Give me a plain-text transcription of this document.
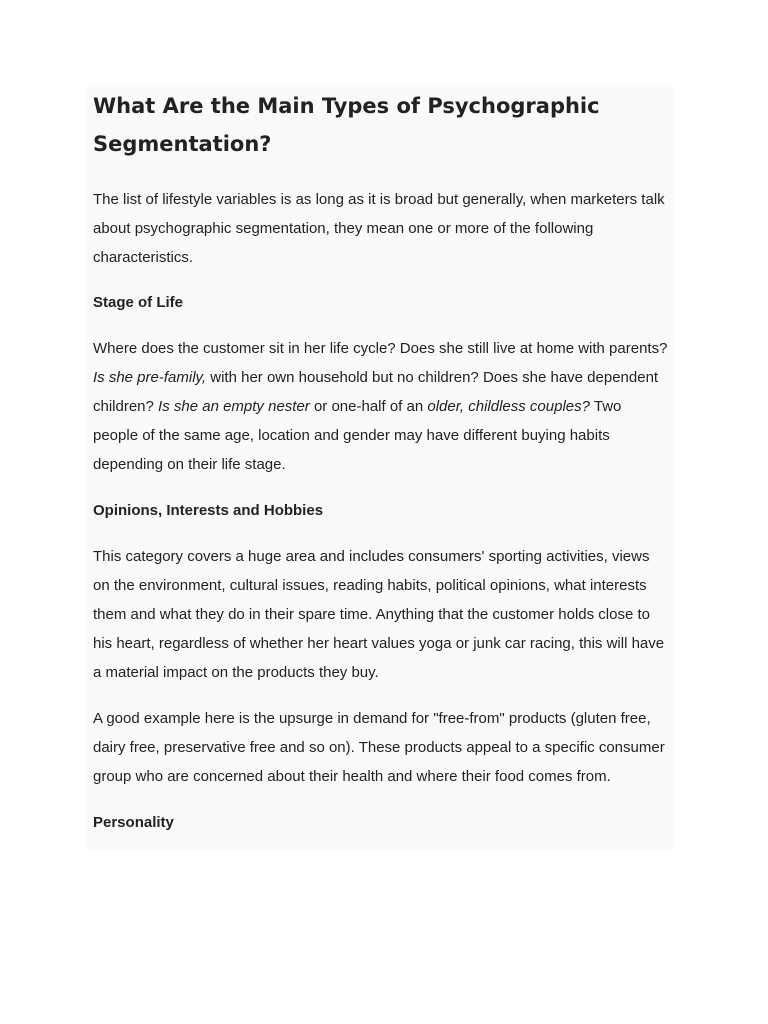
What Are the Main Types of Psychographic Segmentation?

The list of lifestyle variables is as long as it is broad but generally, when marketers talk about psychographic segmentation, they mean one or more of the following characteristics.

Stage of Life

Where does the customer sit in her life cycle? Does she still live at home with parents? Is she pre-family, with her own household but no children? Does she have dependent children? Is she an empty nester or one-half of an older, childless couples? Two people of the same age, location and gender may have different buying habits depending on their life stage.

Opinions, Interests and Hobbies

This category covers a huge area and includes consumers' sporting activities, views on the environment, cultural issues, reading habits, political opinions, what interests them and what they do in their spare time. Anything that the customer holds close to his heart, regardless of whether her heart values yoga or junk car racing, this will have a material impact on the products they buy.

A good example here is the upsurge in demand for "free-from" products (gluten free, dairy free, preservative free and so on). These products appeal to a specific consumer group who are concerned about their health and where their food comes from.

Personality
